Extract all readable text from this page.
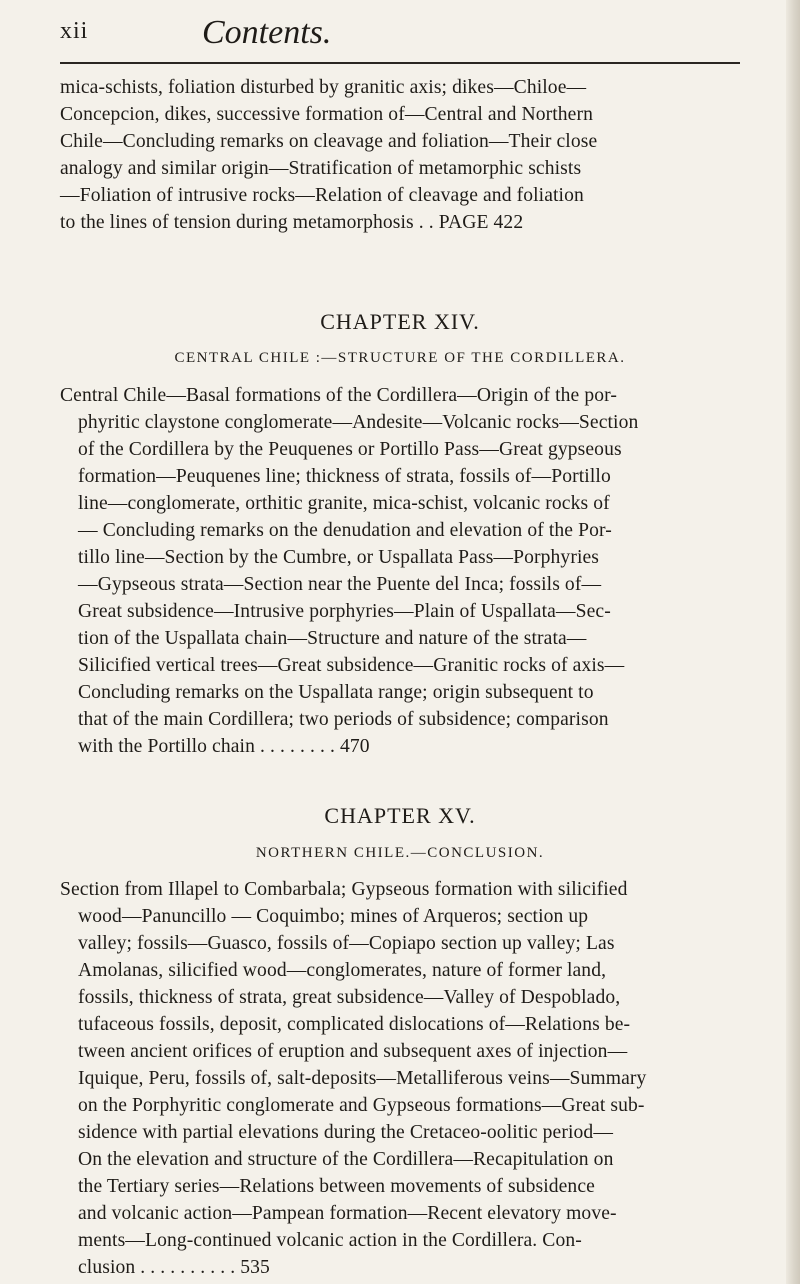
xii	Contents.
mica-schists, foliation disturbed by granitic axis; dikes—Chiloe—
Concepcion, dikes, successive formation of—Central and Northern
Chile—Concluding remarks on cleavage and foliation—Their close
analogy and similar origin—Stratification of metamorphic schists
—Foliation of intrusive rocks—Relation of cleavage and foliation
to the lines of tension during metamorphosis . . PAGE 422
CHAPTER XIV.
CENTRAL CHILE :—STRUCTURE OF THE CORDILLERA.
Central Chile—Basal formations of the Cordillera—Origin of the por-
phyritic claystone conglomerate—Andesite—Volcanic rocks—Section
of the Cordillera by the Peuquenes or Portillo Pass—Great gypseous
formation—Peuquenes line; thickness of strata, fossils of—Portillo
line—conglomerate, orthitic granite, mica-schist, volcanic rocks of
— Concluding remarks on the denudation and elevation of the Por-
tillo line—Section by the Cumbre, or Uspallata Pass—Porphyries
—Gypseous strata—Section near the Puente del Inca; fossils of—
Great subsidence—Intrusive porphyries—Plain of Uspallata—Sec-
tion of the Uspallata chain—Structure and nature of the strata—
Silicified vertical trees—Great subsidence—Granitic rocks of axis—
Concluding remarks on the Uspallata range; origin subsequent to
that of the main Cordillera; two periods of subsidence; comparison
with the Portillo chain . . . . . . . . 470
CHAPTER XV.
NORTHERN CHILE.—CONCLUSION.
Section from Illapel to Combarbala; Gypseous formation with silicified
wood—Panuncillo — Coquimbo; mines of Arqueros; section up
valley; fossils—Guasco, fossils of—Copiapo section up valley; Las
Amolanas, silicified wood—conglomerates, nature of former land,
fossils, thickness of strata, great subsidence—Valley of Despoblado,
tufaceous fossils, deposit, complicated dislocations of—Relations be-
tween ancient orifices of eruption and subsequent axes of injection—
Iquique, Peru, fossils of, salt-deposits—Metalliferous veins—Summary
on the Porphyritic conglomerate and Gypseous formations—Great sub-
sidence with partial elevations during the Cretaceo-oolitic period—
On the elevation and structure of the Cordillera—Recapitulation on
the Tertiary series—Relations between movements of subsidence
and volcanic action—Pampean formation—Recent elevatory move-
ments—Long-continued volcanic action in the Cordillera. Con-
clusion . . . . . . . . . . 535
